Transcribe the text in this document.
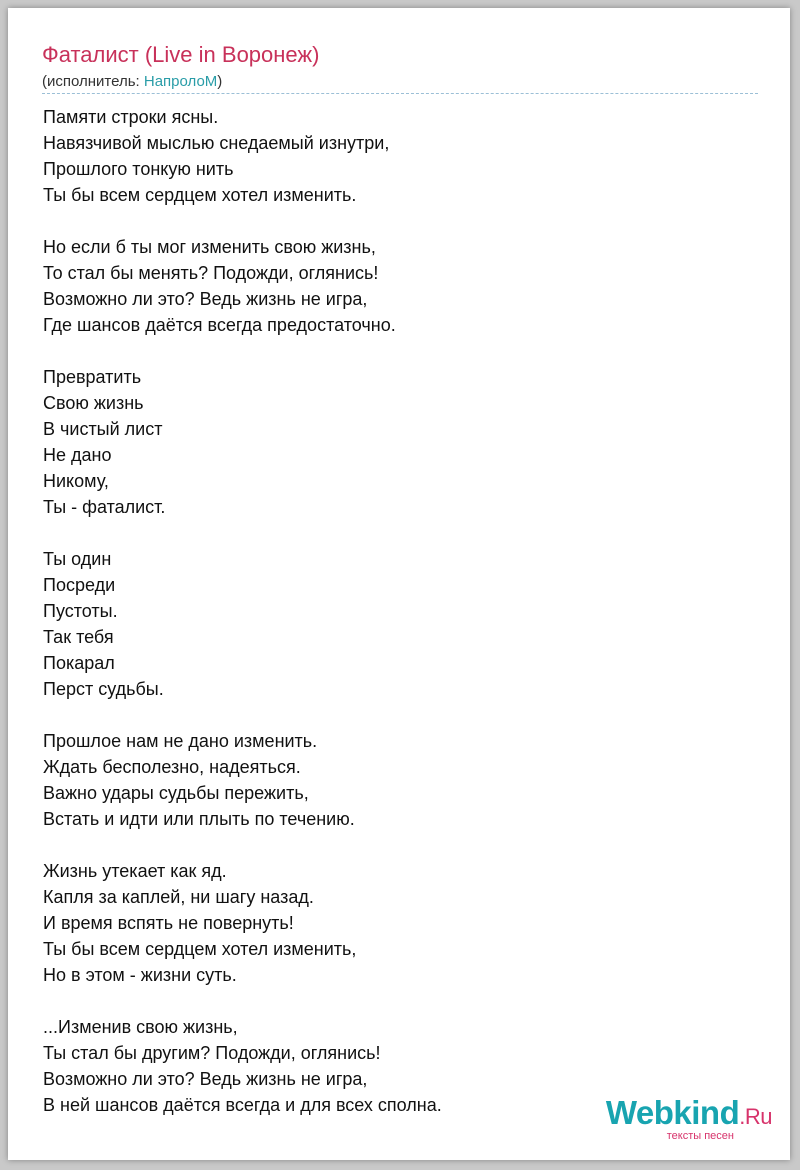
Фаталист (Live in Воронеж)
(исполнитель: НапролоМ)
Памяти строки ясны.
Навязчивой мыслью снедаемый изнутри,
Прошлого тонкую нить
Ты бы всем сердцем хотел изменить.
Но если б ты мог изменить свою жизнь,
То стал бы менять? Подожди, оглянись!
Возможно ли это? Ведь жизнь не игра,
Где шансов даётся всегда предостаточно.
Превратить
Свою жизнь
В чистый лист
Не дано
Никому,
Ты - фаталист.
Ты один
Посреди
Пустоты.
Так тебя
Покарал
Перст судьбы.
Прошлое нам не дано изменить.
Ждать бесполезно, надеяться.
Важно удары судьбы пережить,
Встать и идти или плыть по течению.
Жизнь утекает как яд.
Капля за каплей, ни шагу назад.
И время вспять не повернуть!
Ты бы всем сердцем хотел изменить,
Но в этом - жизни суть.
...Изменив свою жизнь,
Ты стал бы другим? Подожди, оглянись!
Возможно ли это? Ведь жизнь не игра,
В ней шансов даётся всегда и для всех сполна.	Webkind.Ru
тексты песен
